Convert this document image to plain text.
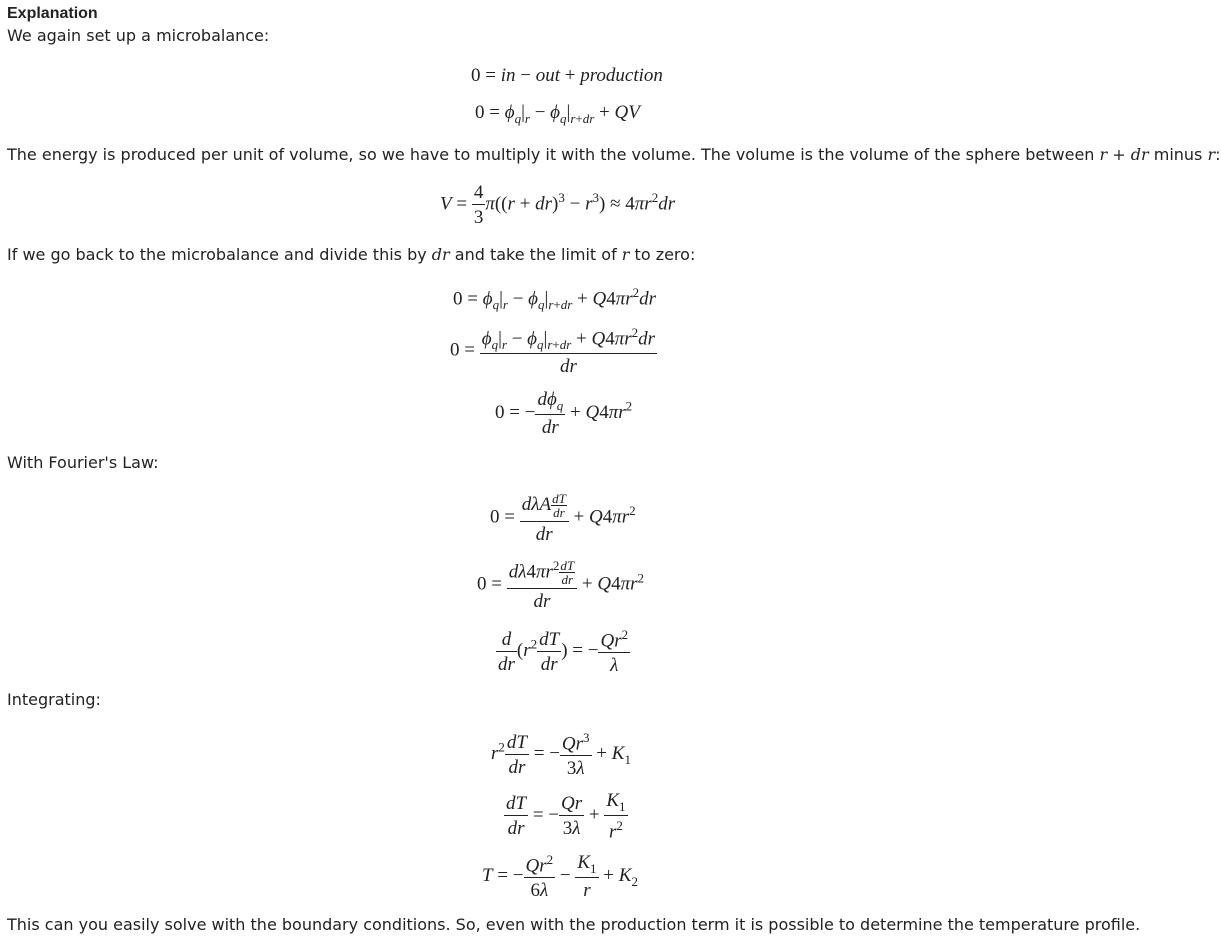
Explanation
We again set up a microbalance:
0 = in − out + production
$0 = \phi_q|_r - \phi_q|_{r+dr}$ + QV
The energy is produced per unit of volume, so we have to multiply it with the volume. The volume is the volume of the sphere between r + dr minus r:
$V = \frac{4}{3} \pi((r + dr)^3 - r^3) \approx 4\pi r^2dr$
If we go back to the microbalance and divide this by dr and take the limit of r to zero:
$0 = \phi_q|_r - \phi_q|_{r+dr} + Q4\pi r^2dr$
$0 = \frac{\phi_q|_r - \phi_q|_{r+dr} + Q4\pi r^2dr}{dr}$
0 = − $\frac{d\phi_q}{dr} + Q4\pi r^2$
With Fourier's Law:
$0 = \frac{d\lambda A \frac{dT}{dr}}{dr} + Q4\pi r^2$
$0 = \frac{d\lambda 4\pi r^2 \frac{dT}{dr}}{dr} + Q4\pi r^2$
$\frac{d}{dr} (r^2 \frac{dT}{dr}$ ) = − $\frac{Qr^2}{\lambda}$
Integrating:
$r^2 \frac{dT}{dr}$ = − $\frac{Qr^3}{3\lambda} + K_1$
$\frac{dT}{dr}$ = − $\frac{Qr}{3\lambda} + \frac{K_1}{r^2}$
T = − $\frac{Qr^2}{6\lambda} - \frac{K_1}{r} + K_2$
This can you easily solve with the boundary conditions. So, even with the production term it is possible to determine the temperature profile.
